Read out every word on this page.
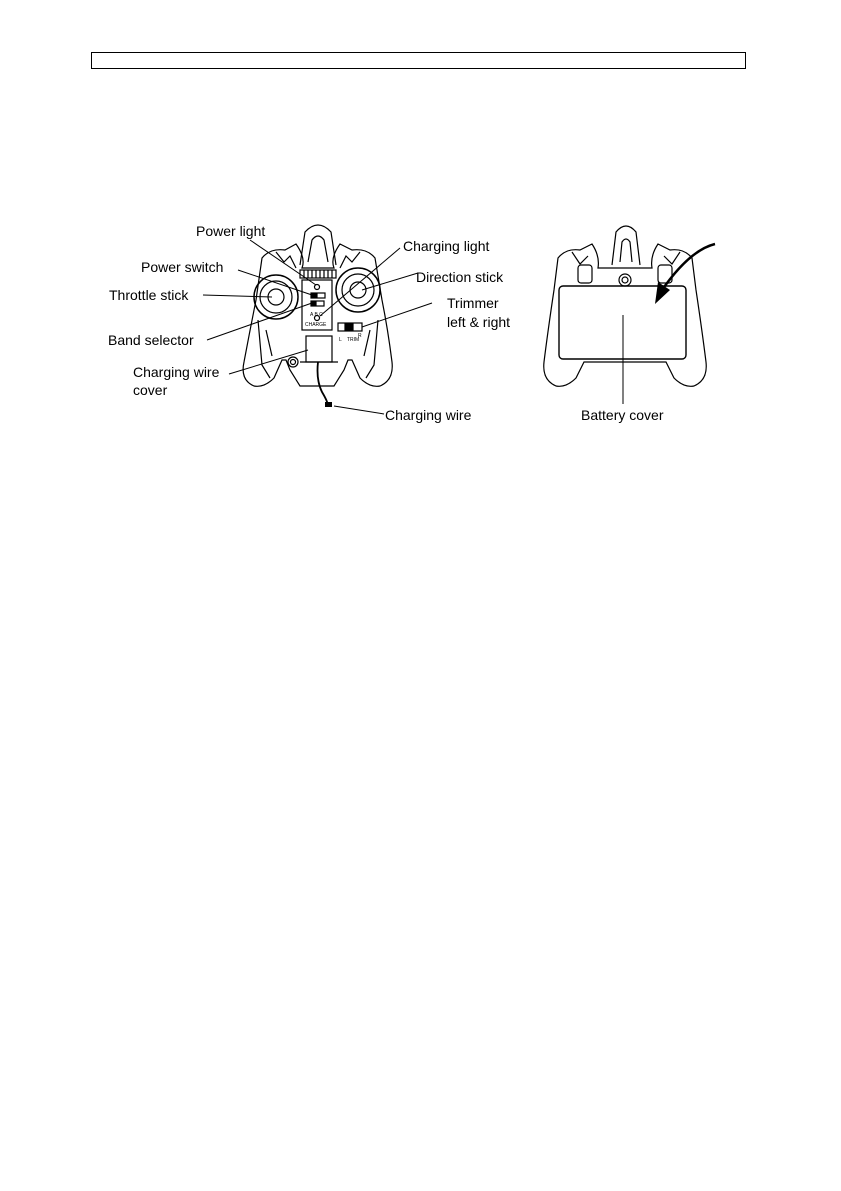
A B C
CHARGE
L TRIM
R
Power light
Power switch
Throttle stick
Band selector
Charging wire
cover
Charging light
Direction stick
Trimmer
left & right
Charging wire	Battery cover
